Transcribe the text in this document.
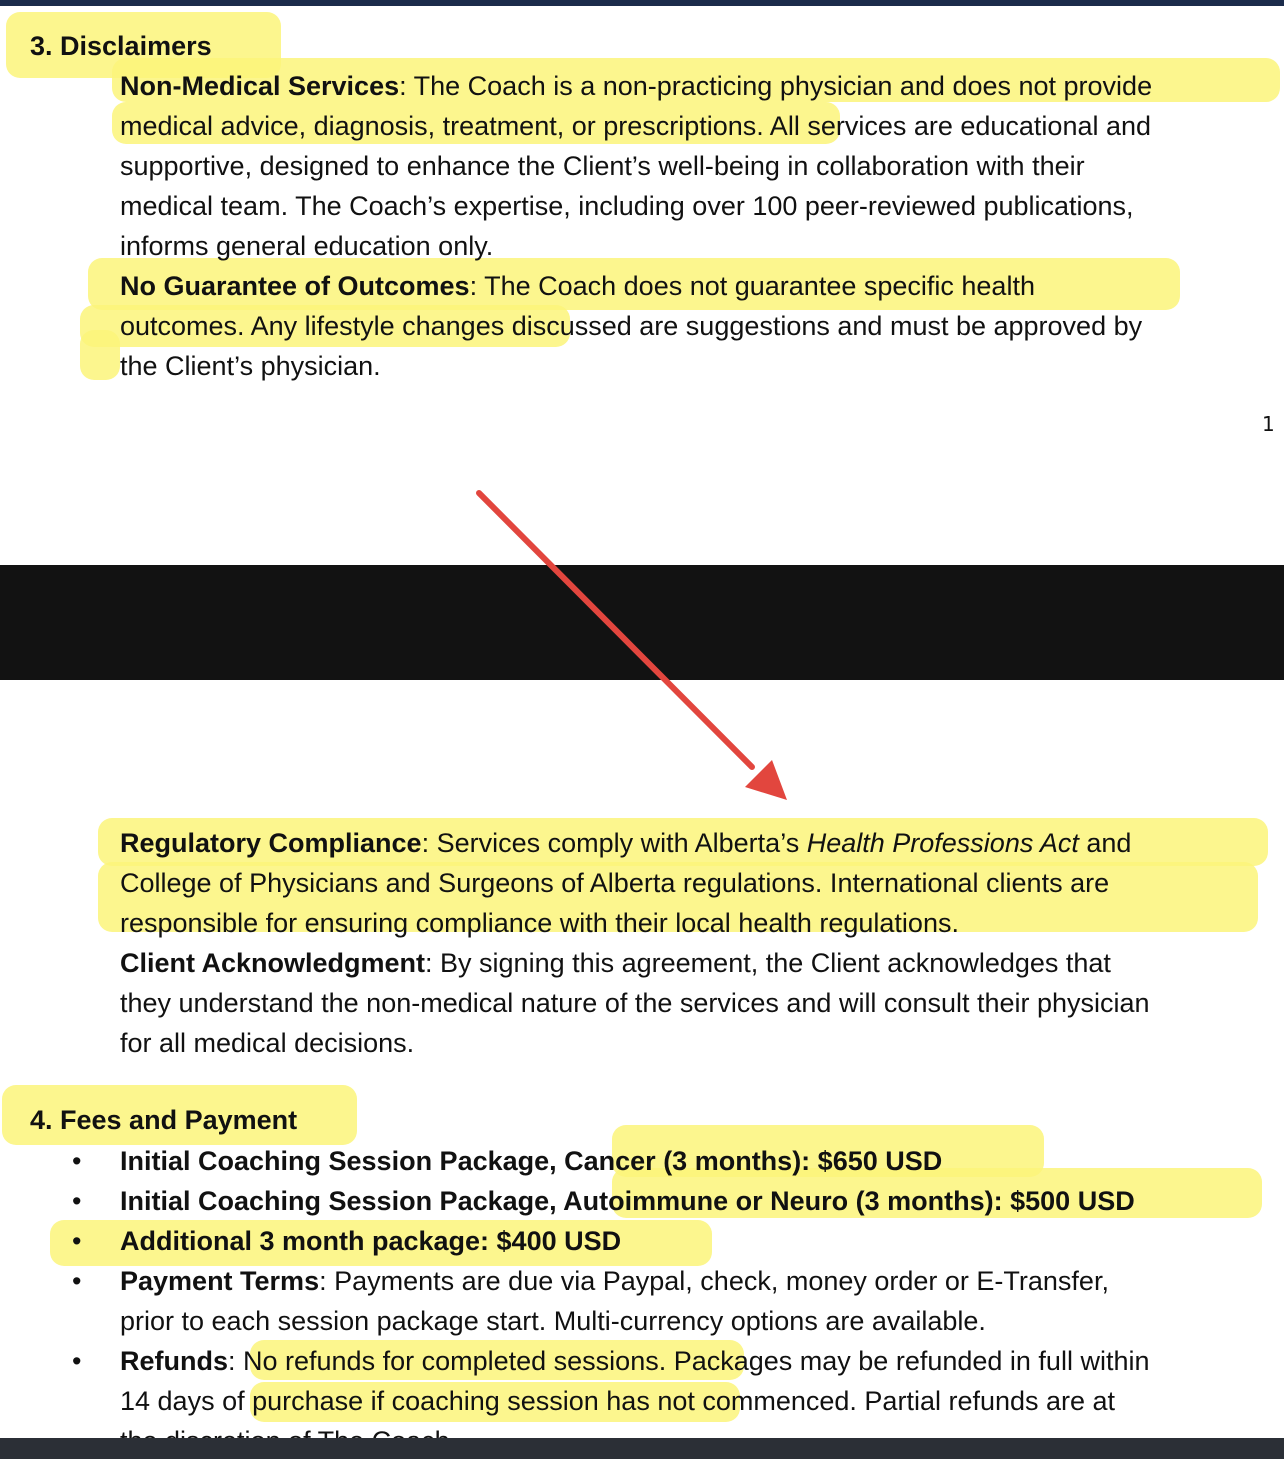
3. Disclaimers
Non-Medical Services: The Coach is a non-practicing physician and does not provide
medical advice, diagnosis, treatment, or prescriptions. All services are educational and
supportive, designed to enhance the Client’s well-being in collaboration with their
medical team. The Coach’s expertise, including over 100 peer-reviewed publications,
informs general education only.
No Guarantee of Outcomes: The Coach does not guarantee specific health
outcomes. Any lifestyle changes discussed are suggestions and must be approved by
the Client’s physician.
1
Regulatory Compliance: Services comply with Alberta’s Health Professions Act and
College of Physicians and Surgeons of Alberta regulations. International clients are
responsible for ensuring compliance with their local health regulations.
Client Acknowledgment: By signing this agreement, the Client acknowledges that
they understand the non-medical nature of the services and will consult their physician
for all medical decisions.
4. Fees and Payment
• Initial Coaching Session Package, Cancer (3 months): $650 USD
• Initial Coaching Session Package, Autoimmune or Neuro (3 months): $500 USD
• Additional 3 month package: $400 USD
• Payment Terms: Payments are due via Paypal, check, money order or E-Transfer,
prior to each session package start. Multi-currency options are available.
• Refunds: No refunds for completed sessions. Packages may be refunded in full within
14 days of purchase if coaching session has not commenced. Partial refunds are at
